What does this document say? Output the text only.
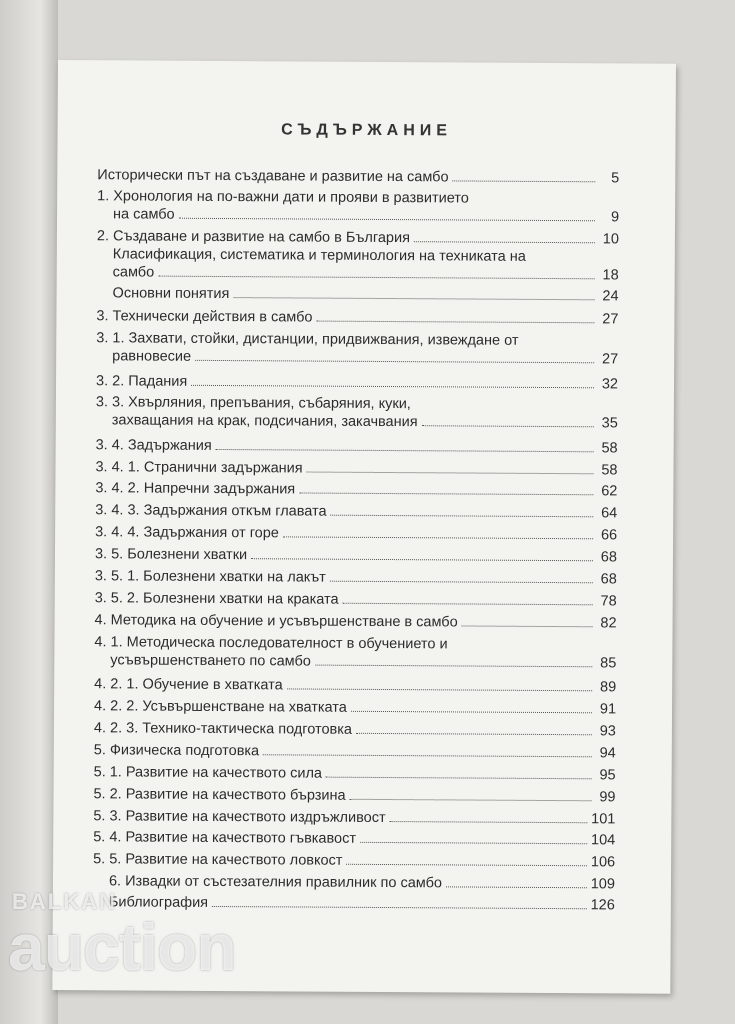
СЪДЪРЖАНИЕ
Исторически път на създаване и развитие на самбо	5
1. Хронология на по-важни дати и прояви в развитието
на самбо	9
2. Създаване и развитие на самбо в България	10
Класификация, систематика и терминология на техниката на
самбо	18
Основни понятия	24
3. Технически действия в самбо	27
3. 1. Захвати, стойки, дистанции, придвижвания, извеждане от
равновесие	27
3. 2. Падания	32
3. 3. Хвърляния, препъвания, събаряния, куки,
захващания на крак, подсичания, закачвания	35
3. 4. Задържания	58
3. 4. 1. Странични задържания	58
3. 4. 2. Напречни задържания	62
3. 4. 3. Задържания откъм главата	64
3. 4. 4. Задържания от горе	66
3. 5. Болезнени хватки	68
3. 5. 1. Болезнени хватки на лакът	68
3. 5. 2. Болезнени хватки на краката	78
4. Методика на обучение и усъвършенстване в самбо	82
4. 1. Методическа последователност в обучението и
усъвършенстването по самбо	85
4. 2. 1. Обучение в хватката	89
4. 2. 2. Усъвършенстване на хватката	91
4. 2. 3. Технико-тактическа подготовка	93
5. Физическа подготовка	94
5. 1. Развитие на качеството сила	95
5. 2. Развитие на качеството бързина	99
5. 3. Развитие на качеството издръжливост	101
5. 4. Развитие на качеството гъвкавост	104
5. 5. Развитие на качеството ловкост	106
6. Извадки от състезателния правилник по самбо	109
Библиография	126
BALKAN
auction
